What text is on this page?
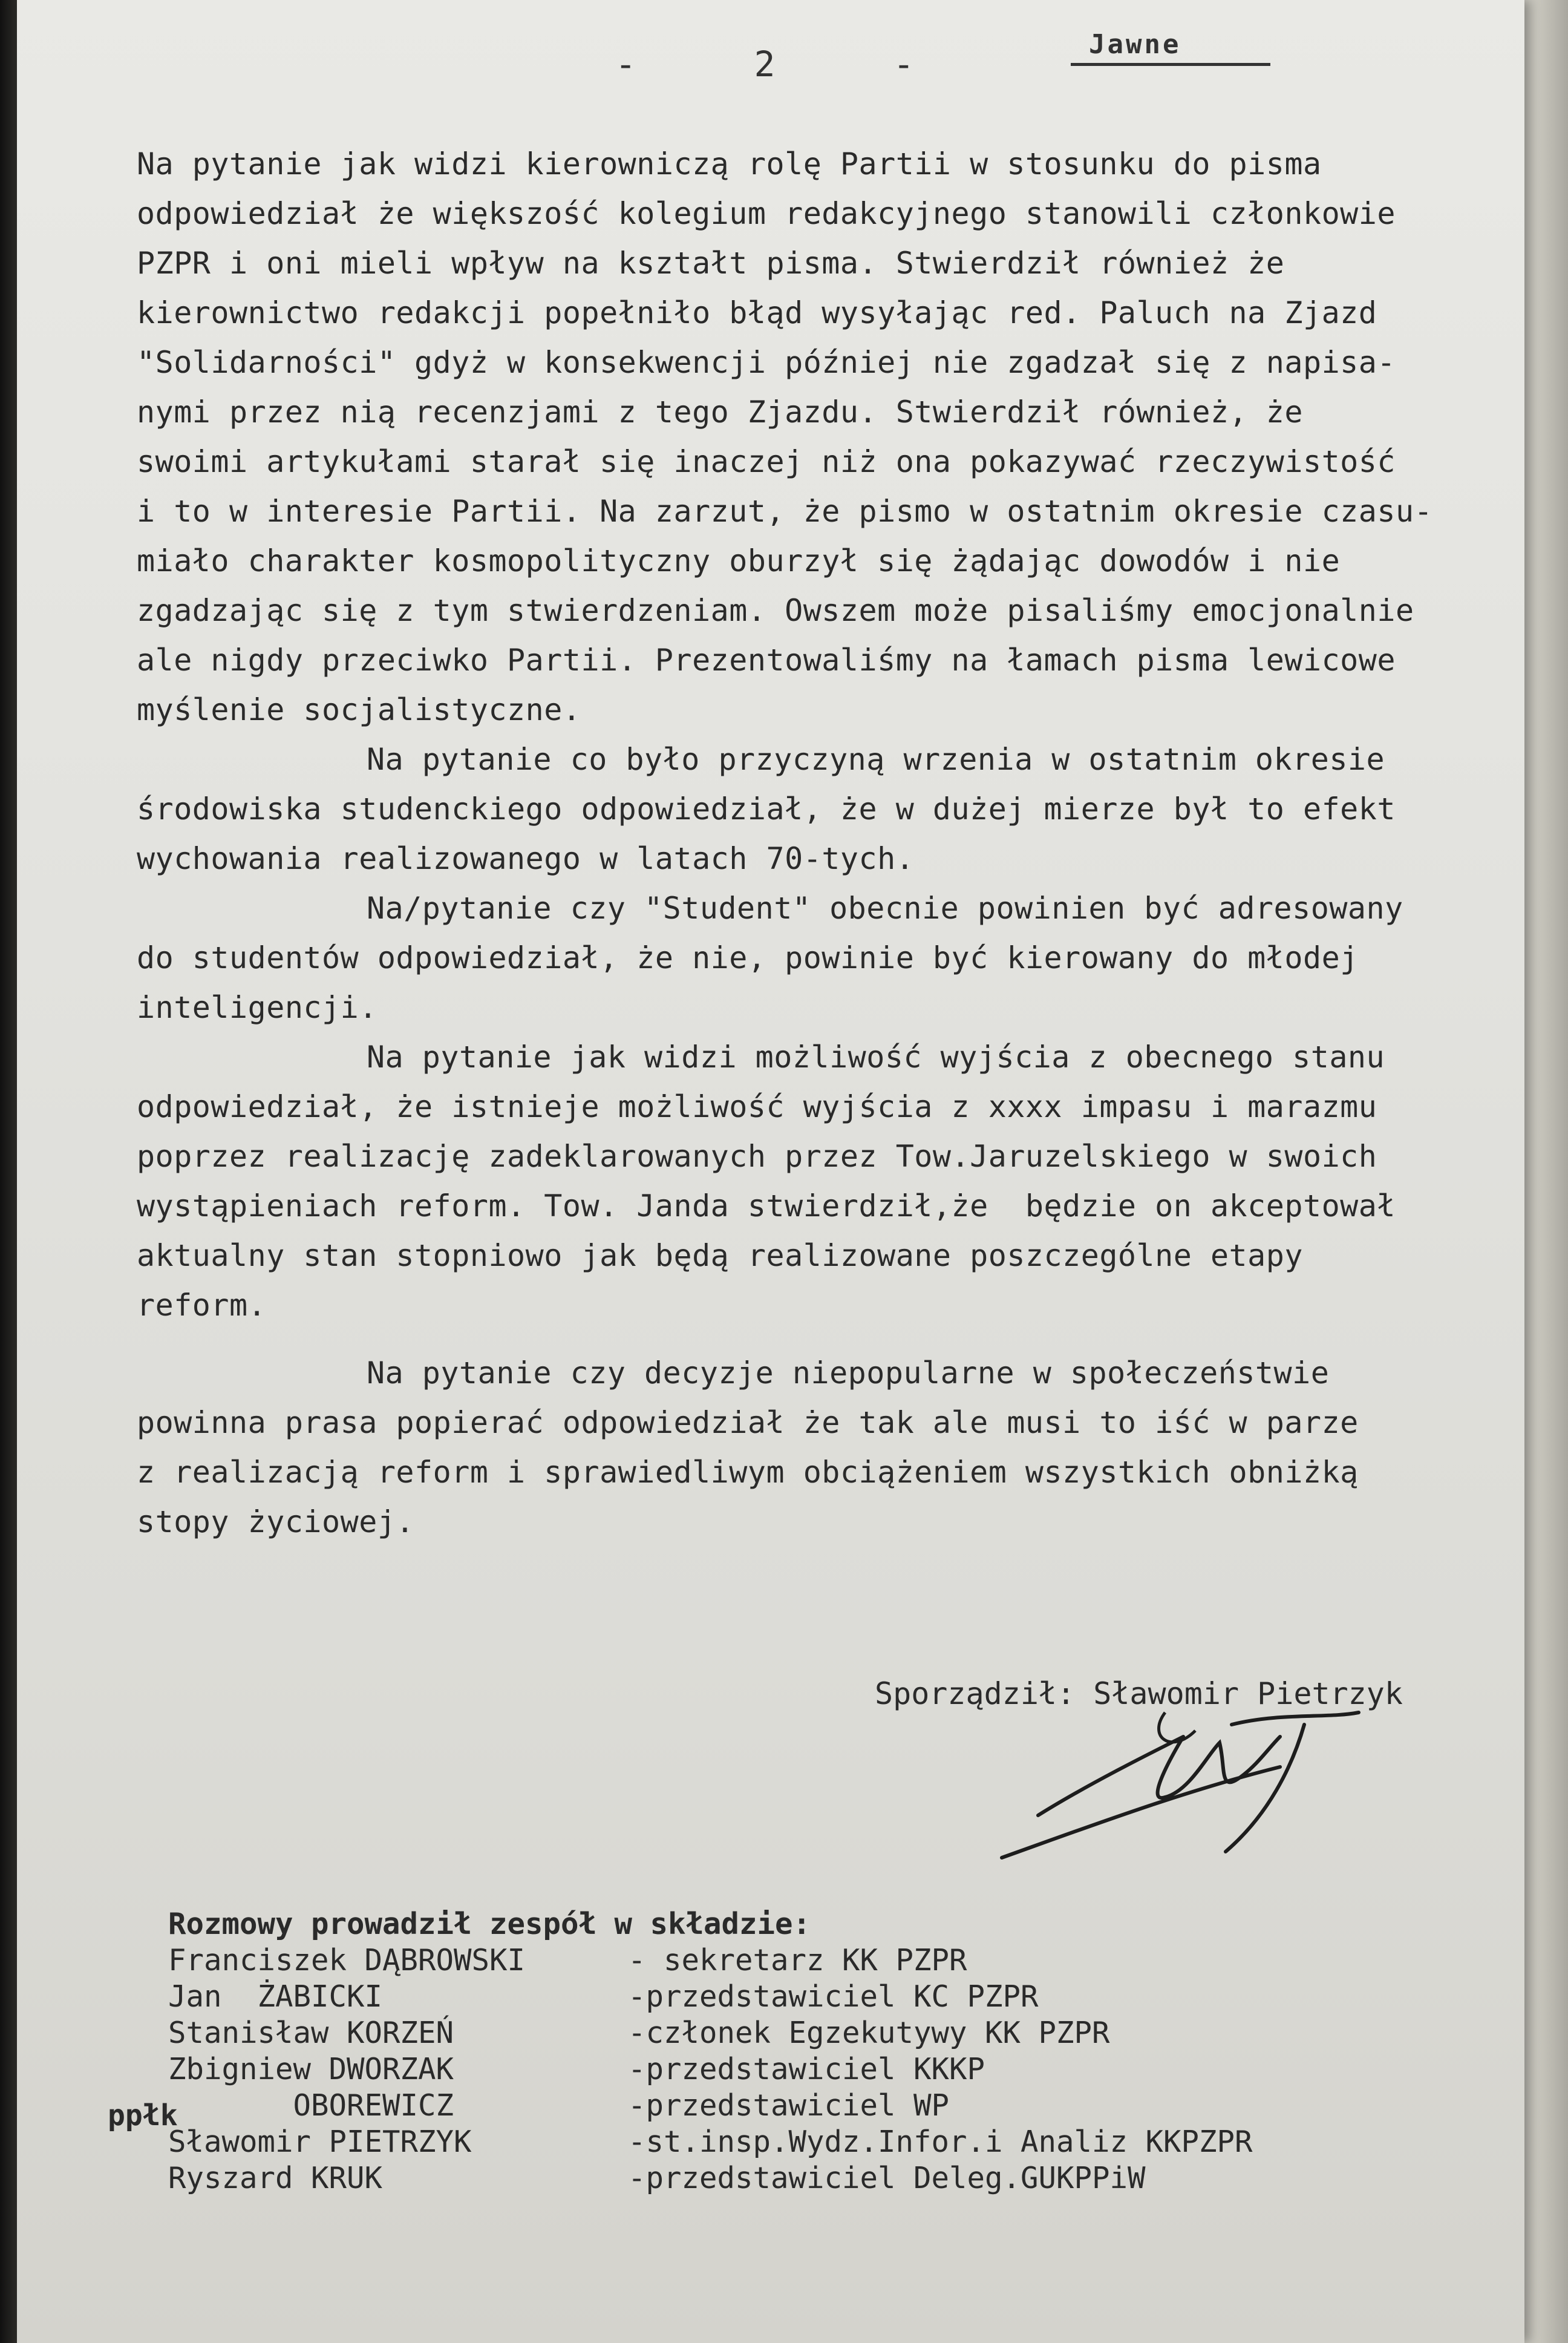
- 2 -	Jawne
Na pytanie jak widzi kierowniczą rolę Partii w stosunku do pisma
odpowiedział że większość kolegium redakcyjnego stanowili członkowie
PZPR i oni mieli wpływ na kształt pisma. Stwierdził również że
kierownictwo redakcji popełniło błąd wysyłając red. Paluch na Zjazd
"Solidarności" gdyż w konsekwencji później nie zgadzał się z napisa-
nymi przez nią recenzjami z tego Zjazdu. Stwierdził również, że
swoimi artykułami starał się inaczej niż ona pokazywać rzeczywistość
i to w interesie Partii. Na zarzut, że pismo w ostatnim okresie czasu-
miało charakter kosmopolityczny oburzył się żądając dowodów i nie
zgadzając się z tym stwierdzeniam. Owszem może pisaliśmy emocjonalnie
ale nigdy przeciwko Partii. Prezentowaliśmy na łamach pisma lewicowe
myślenie socjalistyczne.
Na pytanie co było przyczyną wrzenia w ostatnim okresie
środowiska studenckiego odpowiedział, że w dużej mierze był to efekt
wychowania realizowanego w latach 70-tych.
Na/pytanie czy "Student" obecnie powinien być adresowany
do studentów odpowiedział, że nie, powinie być kierowany do młodej
inteligencji.
Na pytanie jak widzi możliwość wyjścia z obecnego stanu
odpowiedział, że istnieje możliwość wyjścia z xxxx impasu i marazmu
poprzez realizację zadeklarowanych przez Tow.Jaruzelskiego w swoich
wystąpieniach reform. Tow. Janda stwierdził,że  będzie on akceptował
aktualny stan stopniowo jak będą realizowane poszczególne etapy
reform.
Na pytanie czy decyzje niepopularne w społeczeństwie
powinna prasa popierać odpowiedział że tak ale musi to iść w parze
z realizacją reform i sprawiedliwym obciążeniem wszystkich obniżką
stopy życiowej.
Sporządził: Sławomir Pietrzyk
Rozmowy prowadził zespół w składzie:
Franciszek DĄBROWSKI	- sekretarz KK PZPR
Jan  ŻABICKI	-przedstawiciel KC PZPR
Stanisław KORZEŃ	-członek Egzekutywy KK PZPR
Zbigniew DWORZAK	-przedstawiciel KKKP
OBOREWICZ	-przedstawiciel WP
Sławomir PIETRZYK	-st.insp.Wydz.Infor.i Analiz KKPZPR
Ryszard KRUK	-przedstawiciel Deleg.GUKPPiW
ppłk
